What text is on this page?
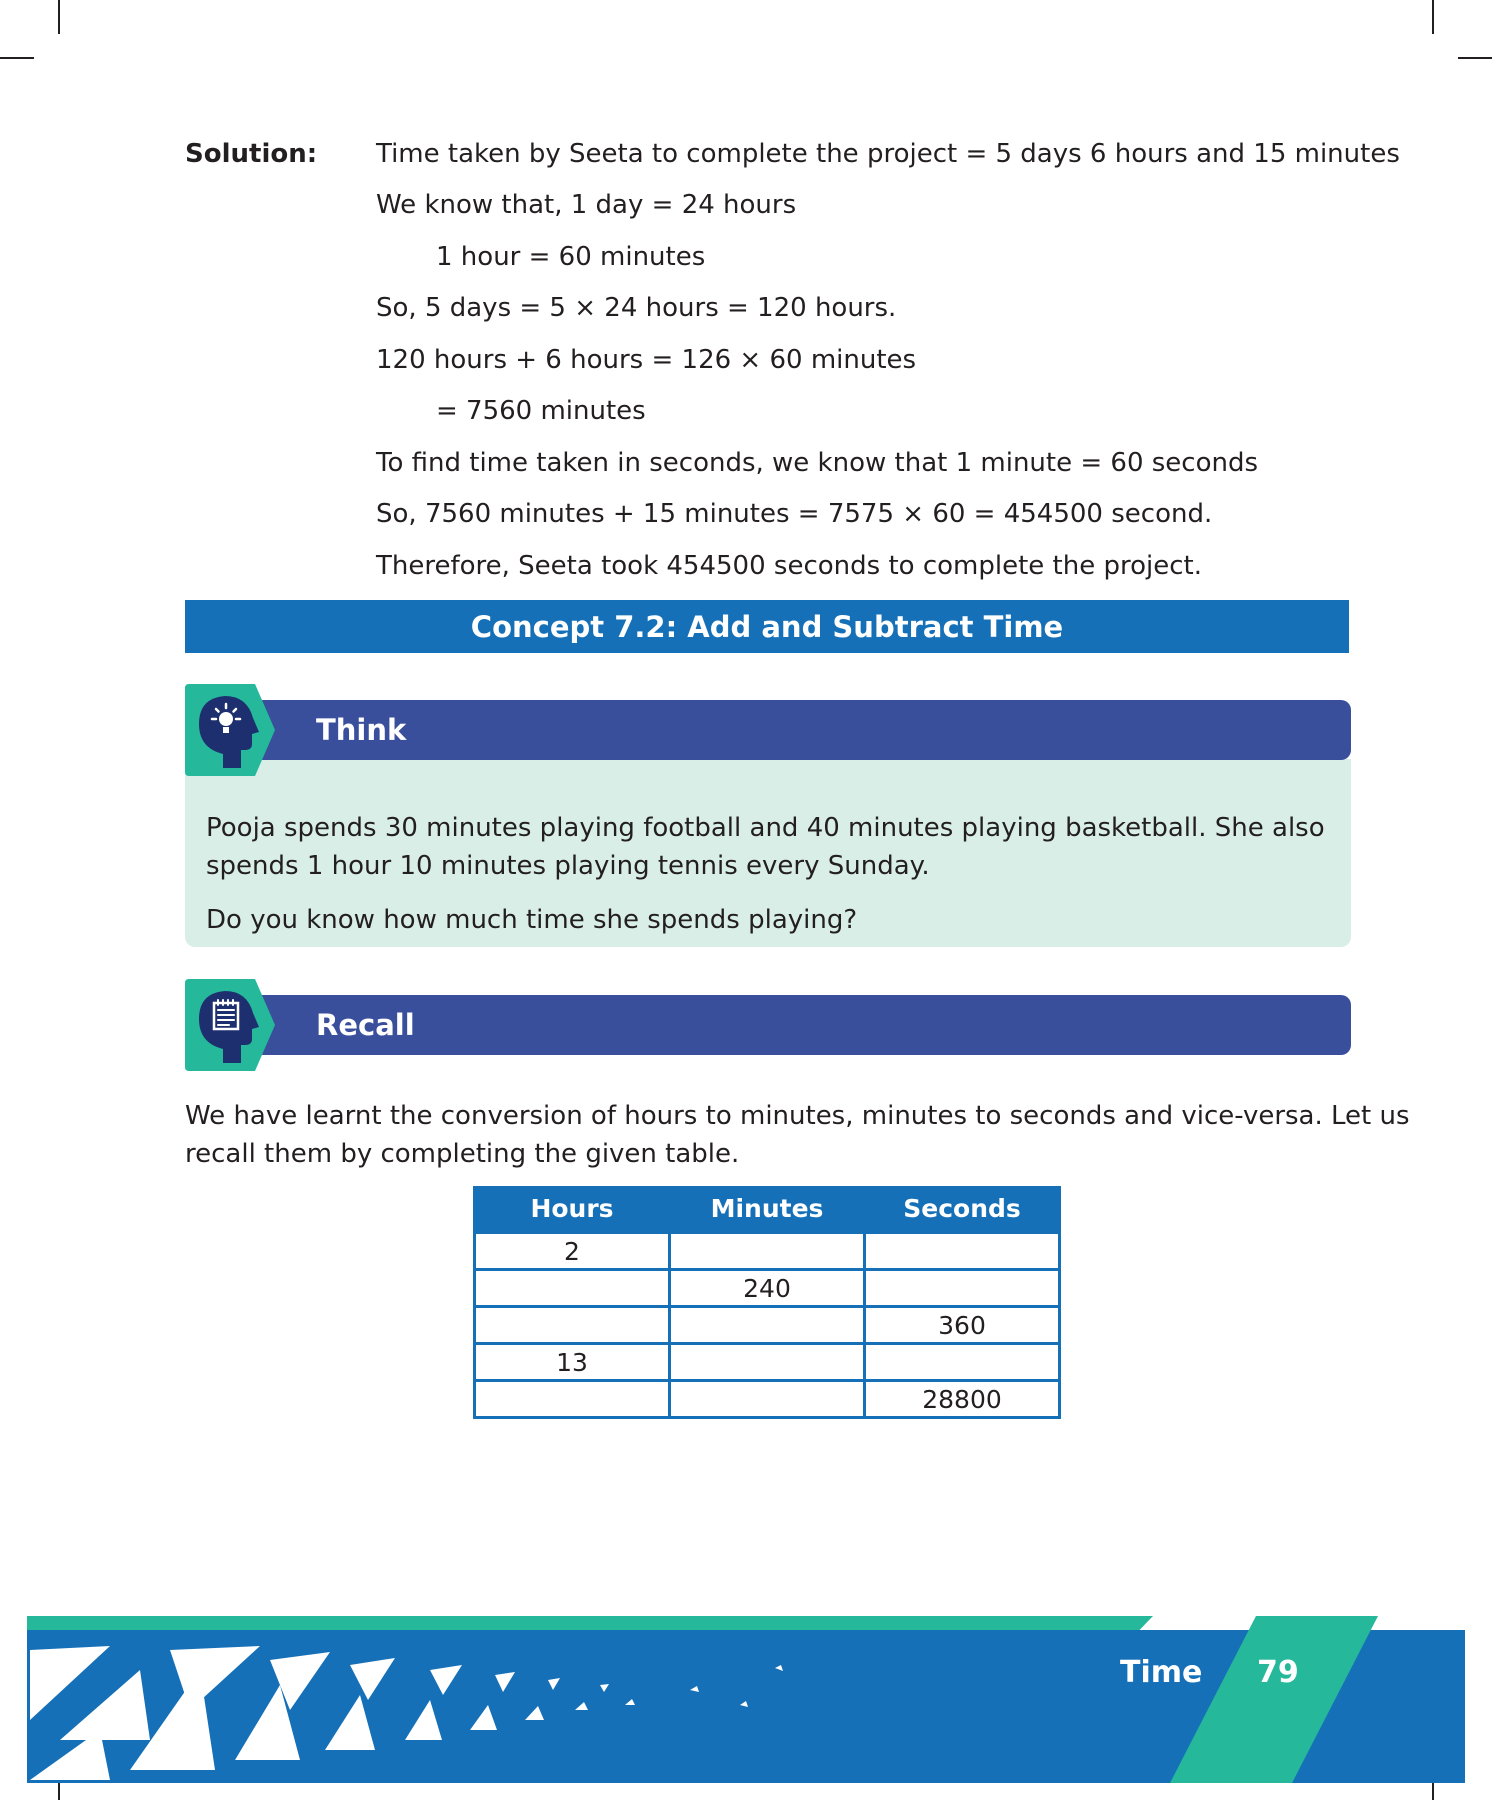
Solution: Time taken by Seeta to complete the project = 5 days 6 hours and 15 minutes
We know that, 1 day = 24 hours
1 hour = 60 minutes
So, 5 days = 5 × 24 hours = 120 hours.
120 hours + 6 hours = 126 × 60 minutes
= 7560 minutes
To find time taken in seconds, we know that 1 minute = 60 seconds
So, 7560 minutes + 15 minutes = 7575 × 60 = 454500 second.
Therefore, Seeta took 454500 seconds to complete the project.
Concept 7.2: Add and Subtract Time
Think
Pooja spends 30 minutes playing football and 40 minutes playing basketball. She also
spends 1 hour 10 minutes playing tennis every Sunday.
Do you know how much time she spends playing?
Recall
We have learnt the conversion of hours to minutes, minutes to seconds and vice-versa. Let us
recall them by completing the given table.
Hours	Minutes	Seconds
2		
	240	
		360
13		
		28800
Time 79
